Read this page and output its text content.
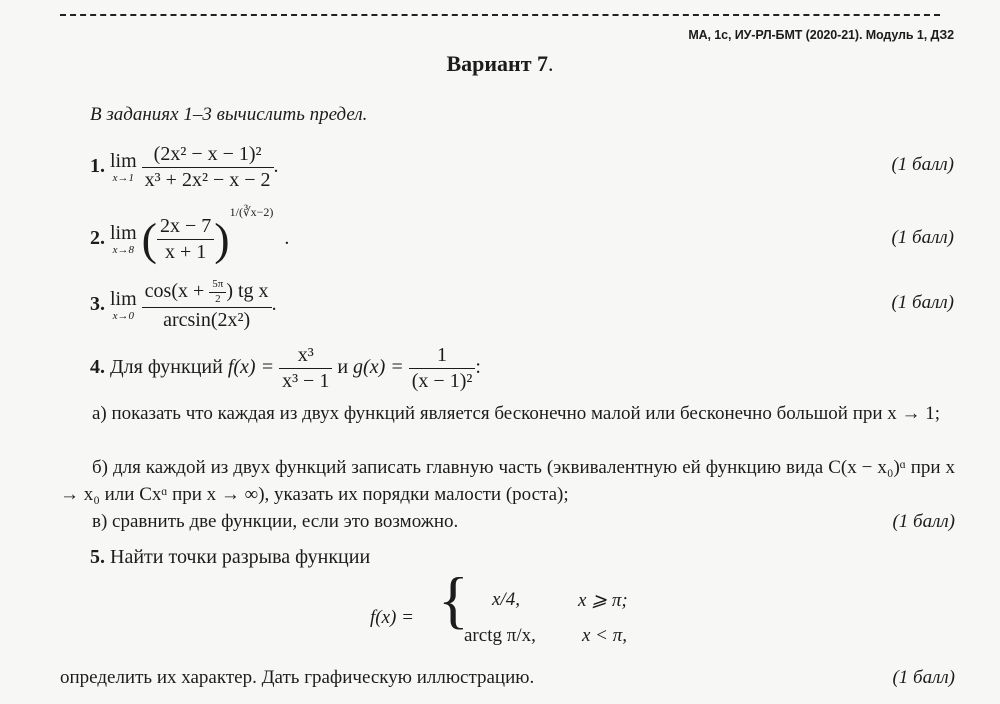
МА, 1с, ИУ-РЛ-БМТ (2020-21). Модуль 1, ДЗ2
Вариант 7.
В заданиях 1–3 вычислить предел.
1. lim
x→1
$\frac{\text{(2x² − x − 1)²}}{\text{x³ + 2x² − x − 2}}$ .	(1 балл)
2. lim
x→8 ( $\frac{2x - 7}{x + 1} )^{1/(∛x-2)}$ .	(1 балл)
3. lim
x→0
$\frac{\cos(x + \frac{5\pi}{2} ) tg x}{\text{arcsin(2x²)}}$ .	(1 балл)
4. Для функций $f(x) = \frac{\text{x³}}{\text{x³ − 1}}$ и $g(x) = \frac{1}{\text{(x − 1)²}}$ :
а) показать что каждая из двух функций является бесконечно малой или бесконечно большой при x → 1;
б) для каждой из двух функций записать главную часть (эквивалентную ей функцию вида C(x − x₀)ᵅ при x → x₀ или Cxᵅ при x → ∞), указать их порядки малости (роста);
в) сравнить две функции, если это возможно.	(1 балл)
5. Найти точки разрыва функции
f(x) = { x/4,	x ⩾ π;
arctg π/x, x < π,
определить их характер. Дать графическую иллюстрацию.	(1 балл)
